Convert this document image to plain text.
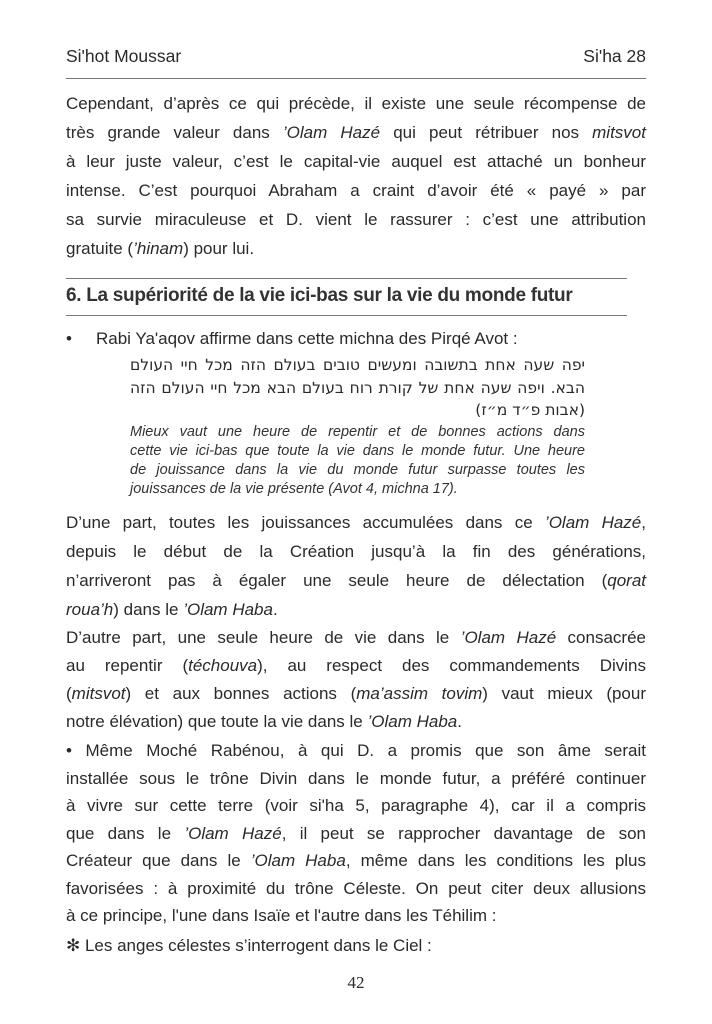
Si'hot Moussar	Si'ha 28
Cependant, d’après ce qui précède, il existe une seule récompense de
très grande valeur dans ’Olam Hazé qui peut rétribuer nos mitsvot
à leur juste valeur, c’est le capital-vie auquel est attaché un bonheur
intense. C’est pourquoi Abraham a craint d’avoir été « payé » par
sa survie miraculeuse et D. vient le rassurer : c’est une attribution
gratuite (’hinam) pour lui.
6. La supériorité de la vie ici-bas sur la vie du monde futur
• Rabi Ya'aqov affirme dans cette michna des Pirqé Avot :
יפה שעה אחת בתשובה ומעשים טובים בעולם הזה מכל חיי העולם
הבא. ויפה שעה אחת של קורת רוח בעולם הבא מכל חיי העולם הזה
(אבות פ״ד מ״ז)
Mieux vaut une heure de repentir et de bonnes actions dans
cette vie ici-bas que toute la vie dans le monde futur. Une heure
de jouissance dans la vie du monde futur surpasse toutes les
jouissances de la vie présente (Avot 4, michna 17).
D’une part, toutes les jouissances accumulées dans ce ’Olam Hazé,
depuis le début de la Création jusqu’à la fin des générations,
n’arriveront pas à égaler une seule heure de délectation (qorat
roua’h) dans le ’Olam Haba.
D’autre part, une seule heure de vie dans le ’Olam Hazé consacrée
au repentir (téchouva), au respect des commandements Divins
(mitsvot) et aux bonnes actions (ma’assim tovim) vaut mieux (pour
notre élévation) que toute la vie dans le ’Olam Haba.
• Même Moché Rabénou, à qui D. a promis que son âme serait
installée sous le trône Divin dans le monde futur, a préféré continuer
à vivre sur cette terre (voir si'ha 5, paragraphe 4), car il a compris
que dans le ’Olam Hazé, il peut se rapprocher davantage de son
Créateur que dans le ’Olam Haba, même dans les conditions les plus
favorisées : à proximité du trône Céleste. On peut citer deux allusions
à ce principe, l'une dans Isaïe et l'autre dans les Téhilim :
✻ Les anges célestes s’interrogent dans le Ciel :
42
